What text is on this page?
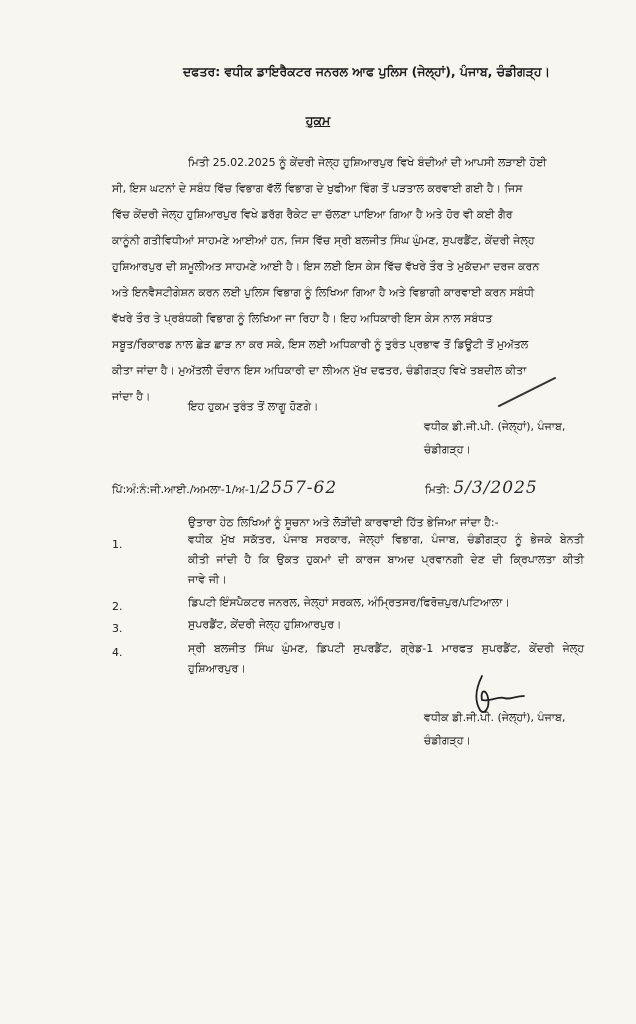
ਦਫਤਰ: ਵਧੀਕ ਡਾਇਰੈਕਟਰ ਜਨਰਲ ਆਫ ਪੁਲਿਸ (ਜੇਲ੍ਹਾਂ), ਪੰਜਾਬ, ਚੰਡੀਗੜ੍ਹ।
ਹੁਕਮ
ਮਿਤੀ 25.02.2025 ਨੂੰ ਕੇਂਦਰੀ ਜੇਲ੍ਹ ਹੁਸ਼ਿਆਰਪੁਰ ਵਿਖੇ ਬੰਦੀਆਂ ਦੀ ਆਪਸੀ ਲੜਾਈ ਹੋਈ
ਸੀ, ਇਸ ਘਟਨਾਂ ਦੇ ਸਬੰਧ ਵਿੱਚ ਵਿਭਾਗ ਵੱਲੋਂ ਵਿਭਾਗ ਦੇ ਖੁਫੀਆ ਵਿੰਗ ਤੋਂ ਪੜਤਾਲ ਕਰਵਾਈ ਗਈ ਹੈ। ਜਿਸ
ਵਿੱਚ ਕੇਂਦਰੀ ਜੇਲ੍ਹ ਹੁਸ਼ਿਆਰਪੁਰ ਵਿਖੇ ਡਰੱਗ ਰੈਕੇਟ ਦਾ ਚੱਲਣਾ ਪਾਇਆ ਗਿਆ ਹੈ ਅਤੇ ਹੋਰ ਵੀ ਕਈ ਗੈਰ
ਕਾਨੂੰਨੀ ਗਤੀਵਿਧੀਆਂ ਸਾਹਮਣੇ ਆਈਆਂ ਹਨ, ਜਿਸ ਵਿੱਚ ਸ੍ਰੀ ਬਲਜੀਤ ਸਿੰਘ ਘੁੰਮਣ, ਸੁਪਰਡੈਂਟ, ਕੇਂਦਰੀ ਜੇਲ੍ਹ
ਹੁਸ਼ਿਆਰਪੁਰ ਦੀ ਸ਼ਮੂਲੀਅਤ ਸਾਹਮਣੇ ਆਈ ਹੈ। ਇਸ ਲਈ ਇਸ ਕੇਸ ਵਿੱਚ ਵੱਖਰੇ ਤੌਰ ਤੇ ਮੁਕੱਦਮਾ ਦਰਜ ਕਰਨ
ਅਤੇ ਇਨਵੈਸਟੀਗੇਸ਼ਨ ਕਰਨ ਲਈ ਪੁਲਿਸ ਵਿਭਾਗ ਨੂੰ ਲਿਖਿਆ ਗਿਆ ਹੈ ਅਤੇ ਵਿਭਾਗੀ ਕਾਰਵਾਈ ਕਰਨ ਸਬੰਧੀ
ਵੱਖਰੇ ਤੌਰ ਤੇ ਪ੍ਰਬੰਧਕੀ ਵਿਭਾਗ ਨੂੰ ਲਿਖਿਆ ਜਾ ਰਿਹਾ ਹੈ। ਇਹ ਅਧਿਕਾਰੀ ਇਸ ਕੇਸ ਨਾਲ ਸਬੰਧਤ
ਸਬੂਤ/ਰਿਕਾਰਡ ਨਾਲ ਛੇੜ ਛਾੜ ਨਾ ਕਰ ਸਕੇ, ਇਸ ਲਈ ਅਧਿਕਾਰੀ ਨੂੰ ਤੁਰੰਤ ਪ੍ਰਭਾਵ ਤੋਂ ਡਿਊਟੀ ਤੋਂ ਮੁਅੱਤਲ
ਕੀਤਾ ਜਾਂਦਾ ਹੈ। ਮੁਅੱਤਲੀ ਦੌਰਾਨ ਇਸ ਅਧਿਕਾਰੀ ਦਾ ਲੀਅਨ ਮੁੱਖ ਦਫਤਰ, ਚੰਡੀਗੜ੍ਹ ਵਿਖੇ ਤਬਦੀਲ ਕੀਤਾ
ਜਾਂਦਾ ਹੈ।
ਇਹ ਹੁਕਮ ਤੁਰੰਤ ਤੋਂ ਲਾਗੂ ਹੋਣਗੇ।
ਵਧੀਕ ਡੀ.ਜੀ.ਪੀ. (ਜੇਲ੍ਹਾਂ), ਪੰਜਾਬ,
ਚੰਡੀਗੜ੍ਹ।
ਪਿੱ:ਅੰ:ਨੰ:ਜੀ.ਆਈ./ਅਮਲਾ-1/ਅ-1/2557-62	ਮਿਤੀ: 5/3/2025
ਉਤਾਰਾ ਹੇਠ ਲਿਖਿਆਂ ਨੂੰ ਸੂਚਨਾ ਅਤੇ ਲੋੜੀਂਦੀ ਕਾਰਵਾਈ ਹਿੱਤ ਭੇਜਿਆ ਜਾਂਦਾ ਹੈ:-
1.	ਵਧੀਕ ਮੁੱਖ ਸਕੱਤਰ, ਪੰਜਾਬ ਸਰਕਾਰ, ਜੇਲ੍ਹਾਂ ਵਿਭਾਗ, ਪੰਜਾਬ, ਚੰਡੀਗੜ੍ਹ ਨੂੰ ਭੇਜਕੇ ਬੇਨਤੀ
ਕੀਤੀ ਜਾਂਦੀ ਹੈ ਕਿ ਉਕਤ ਹੁਕਮਾਂ ਦੀ ਕਾਰਜ ਬਾਅਦ ਪ੍ਰਵਾਨਗੀ ਦੇਣ ਦੀ ਕ੍ਰਿਪਾਲਤਾ ਕੀਤੀ
ਜਾਵੇ ਜੀ।
2.	ਡਿਪਟੀ ਇੰਸਪੈਕਟਰ ਜਨਰਲ, ਜੇਲ੍ਹਾਂ ਸਰਕਲ, ਅੰਮ੍ਰਿਤਸਰ/ਫਿਰੋਜ਼ਪੁਰ/ਪਟਿਆਲਾ।
3.	ਸੁਪਰਡੈਂਟ, ਕੇਂਦਰੀ ਜੇਲ੍ਹ ਹੁਸ਼ਿਆਰਪੁਰ।
4.	ਸ੍ਰੀ ਬਲਜੀਤ ਸਿੰਘ ਘੁੰਮਣ, ਡਿਪਟੀ ਸੁਪਰਡੈਂਟ, ਗ੍ਰੇਡ-1 ਮਾਰਫਤ ਸੁਪਰਡੈਂਟ, ਕੇਂਦਰੀ ਜੇਲ੍ਹ
ਹੁਸ਼ਿਆਰਪੁਰ।
ਵਧੀਕ ਡੀ.ਜੀ.ਪੀ. (ਜੇਲ੍ਹਾਂ), ਪੰਜਾਬ,
ਚੰਡੀਗੜ੍ਹ।
